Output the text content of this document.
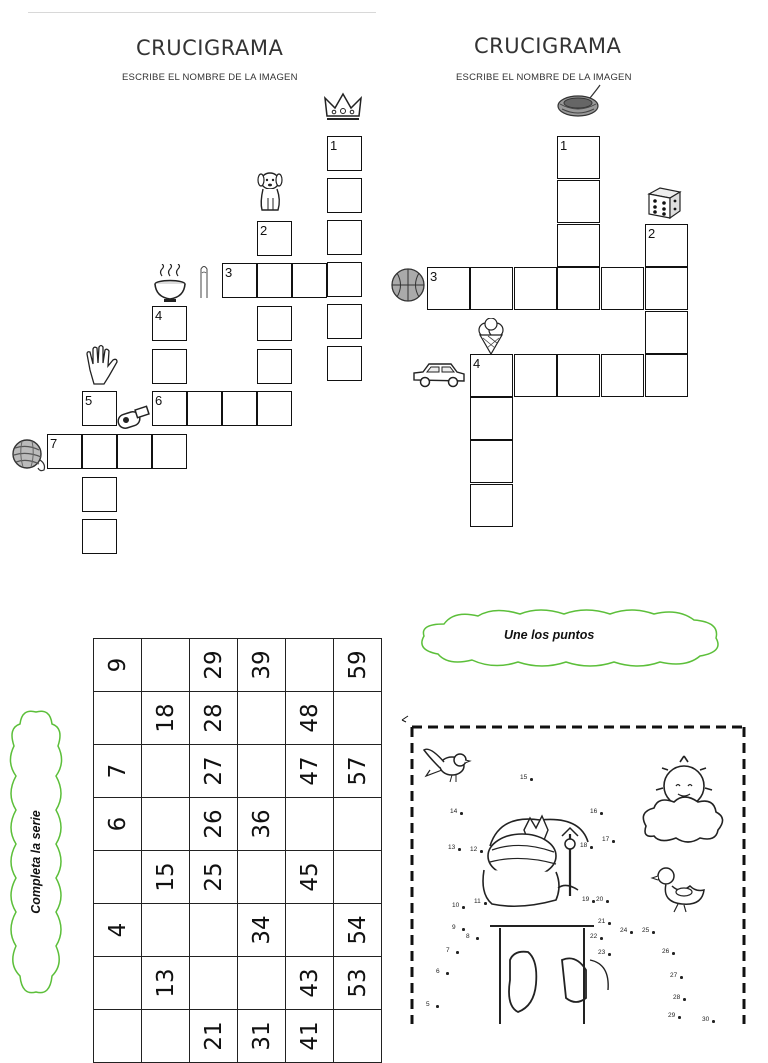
CRUCIGRAMA
ESCRIBE EL NOMBRE DE LA IMAGEN
1
2
3
4
6
5
7
CRUCIGRAMA
ESCRIBE EL NOMBRE DE LA IMAGEN
1
2
3
4
Completa la serie
9		29	39		59

	18	28		48	

7		27		47	57

6		26	36		

	15	25		45	

4			34		54

	13			43	53

		21	31	41	

Une los puntos
5
6
7
8
9
10
11
12
13
14
15
16
17
18
19 20
21
22
23
24 25
26
27
28
29
30
